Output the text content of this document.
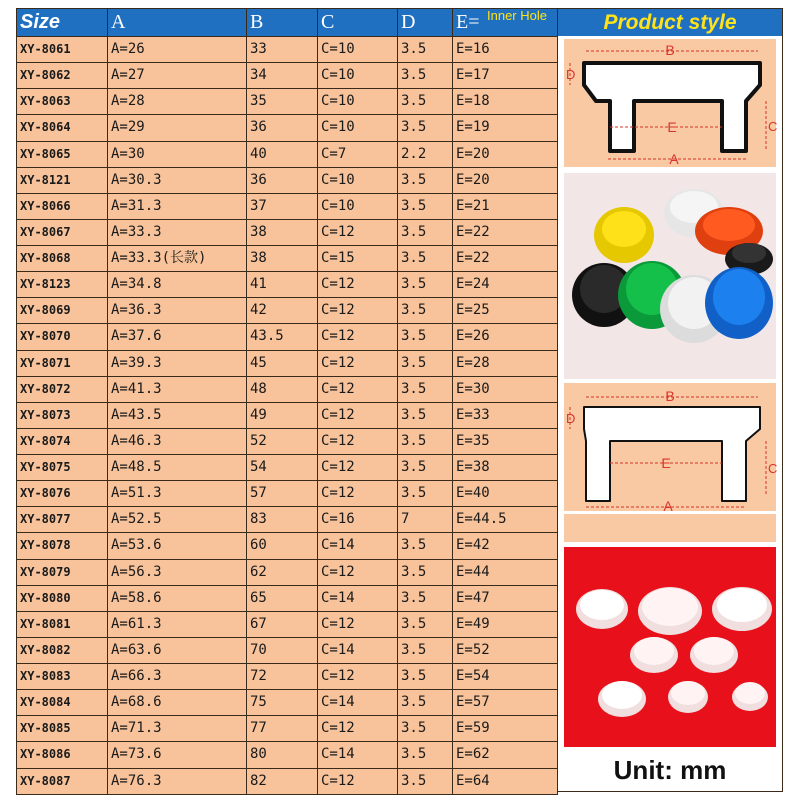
Size	A	B	C	D	E= Inner Hole

XY-8061	A=26	33	C=10	3.5	E=16
XY-8062	A=27	34	C=10	3.5	E=17
XY-8063	A=28	35	C=10	3.5	E=18
XY-8064	A=29	36	C=10	3.5	E=19
XY-8065	A=30	40	C=7	2.2	E=20
XY-8121	A=30.3	36	C=10	3.5	E=20
XY-8066	A=31.3	37	C=10	3.5	E=21
XY-8067	A=33.3	38	C=12	3.5	E=22
XY-8068	A=33.3(长款)	38	C=15	3.5	E=22
XY-8123	A=34.8	41	C=12	3.5	E=24
XY-8069	A=36.3	42	C=12	3.5	E=25
XY-8070	A=37.6	43.5	C=12	3.5	E=26
XY-8071	A=39.3	45	C=12	3.5	E=28
XY-8072	A=41.3	48	C=12	3.5	E=30
XY-8073	A=43.5	49	C=12	3.5	E=33
XY-8074	A=46.3	52	C=12	3.5	E=35
XY-8075	A=48.5	54	C=12	3.5	E=38
XY-8076	A=51.3	57	C=12	3.5	E=40
XY-8077	A=52.5	83	C=16	7	E=44.5
XY-8078	A=53.6	60	C=14	3.5	E=42
XY-8079	A=56.3	62	C=12	3.5	E=44
XY-8080	A=58.6	65	C=14	3.5	E=47
XY-8081	A=61.3	67	C=12	3.5	E=49
XY-8082	A=63.6	70	C=14	3.5	E=52
XY-8083	A=66.3	72	C=12	3.5	E=54
XY-8084	A=68.6	75	C=14	3.5	E=57
XY-8085	A=71.3	77	C=12	3.5	E=59
XY-8086	A=73.6	80	C=14	3.5	E=62
XY-8087	A=76.3	82	C=12	3.5	E=64
Product style
B
E
A
D
C
B
E
A
D
C
Unit: mm
